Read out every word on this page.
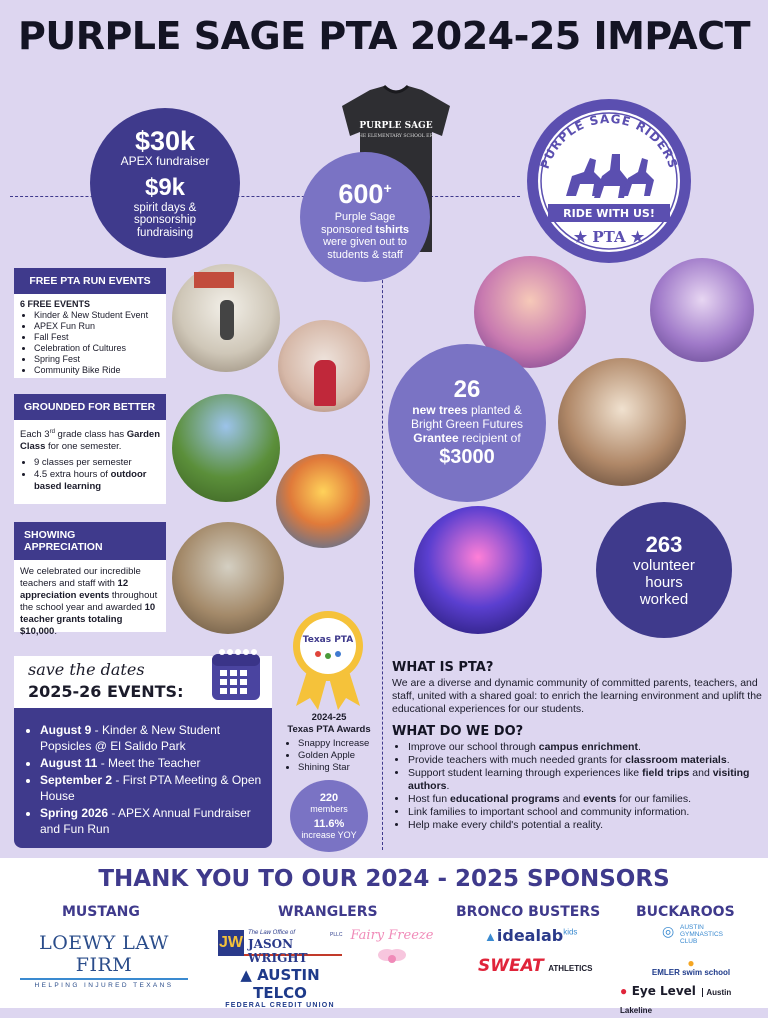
PURPLE SAGE PTA 2024-25 IMPACT
$30k
APEX fundraiser
$9k
spirit days & sponsorship fundraising
PURPLE SAGE
THE ELEMENTARY SCHOOL ERA
600+
Purple Sage sponsored tshirts were given out to students & staff
PURPLE SAGE RIDERS
RIDE WITH US!
★ PTA ★
FREE PTA RUN EVENTS
6 FREE EVENTS
• Kinder & New Student Event
• APEX Fun Run
• Fall Fest
• Celebration of Cultures
• Spring Fest
• Community Bike Ride
GROUNDED FOR BETTER
Each 3rd grade class has Garden Class for one semester.
• 9 classes per semester
• 4.5 extra hours of outdoor based learning
SHOWING APPRECIATION
We celebrated our incredible teachers and staff with 12 appreciation events throughout the school year and awarded 10 teacher grants totaling $10,000.
26
new trees planted & Bright Green Futures Grantee recipient of
$3000
263
volunteer hours worked
save the dates
2025-26 EVENTS:
• August 9 - Kinder & New Student Popsicles @ El Salido Park
• August 11 - Meet the Teacher
• September 2 - First PTA Meeting & Open House
• Spring 2026 - APEX Annual Fundraiser and Fun Run
Texas PTA
2024-25
Texas PTA Awards
• Snappy Increase
• Golden Apple
• Shining Star
220
members
11.6%
increase YOY
WHAT IS PTA?
We are a diverse and dynamic community of committed parents, teachers, and staff, united with a shared goal: to enrich the learning environment and uplift the educational experiences for our students.
WHAT DO WE DO?
• Improve our school through campus enrichment.
• Provide teachers with much needed grants for classroom materials.
• Support student learning through experiences like field trips and visiting authors.
• Host fun educational programs and events for our families.
• Link families to important school and community information.
• Help make every child's potential a reality.
THANK YOU TO OUR 2024 - 2025 SPONSORS
MUSTANG	WRANGLERS	BRONCO BUSTERS	BUCKAROOS
LOEWY LAW FIRM
HELPING INJURED TEXANS
JW
The Law Office of
JASON WRIGHT
PLLC Fairy Freeze
▲ AUSTIN TELCO
FEDERAL CREDIT UNION
▲idealab$^{kids}$
SWEAT ATHLETICS
◎ AUSTIN GYMNASTICS CLUB
●
EMLER swim school
● Eye Level Austin Lakeline
